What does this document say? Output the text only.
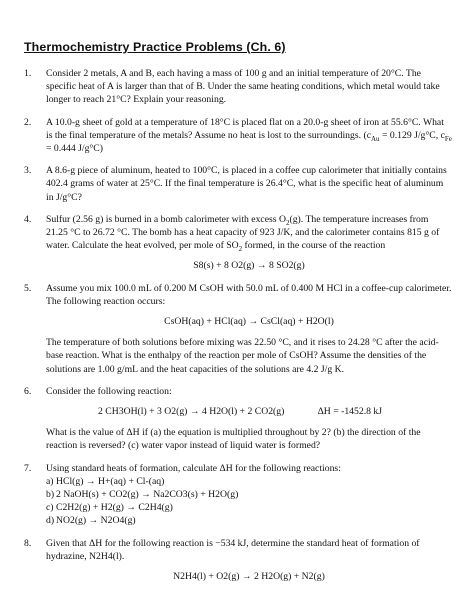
Thermochemistry Practice Problems (Ch. 6)
1. Consider 2 metals, A and B, each having a mass of 100 g and an initial temperature of 20°C. The specific heat of A is larger than that of B. Under the same heating conditions, which metal would take longer to reach 21°C? Explain your reasoning.
2. A 10.0-g sheet of gold at a temperature of 18°C is placed flat on a 20.0-g sheet of iron at 55.6°C. What is the final temperature of the metals? Assume no heat is lost to the surroundings. ($c_{Au} = 0.129$ J/g°C, $c_{Fe} = 0.444$ J/g°C)
3. A 8.6-g piece of aluminum, heated to 100°C, is placed in a coffee cup calorimeter that initially contains 402.4 grams of water at 25°C. If the final temperature is 26.4°C, what is the specific heat of aluminum in J/g°C?
4. Sulfur (2.56 g) is burned in a bomb calorimeter with excess $O_2(g)$. The temperature increases from 21.25 °C to 26.72 °C. The bomb has a heat capacity of 923 J/K, and the calorimeter contains 815 g of water. Calculate the heat evolved, per mole of $SO_2$ formed, in the course of the reaction
S8(s) + 8 O2(g) → 8 SO2(g)
5. Assume you mix 100.0 mL of 0.200 M CsOH with 50.0 mL of 0.400 M HCl in a coffee-cup calorimeter. The following reaction occurs:
CsOH(aq) + HCl(aq) → CsCl(aq) + H2O(l)
The temperature of both solutions before mixing was 22.50 °C, and it rises to 24.28 °C after the acid-base reaction. What is the enthalpy of the reaction per mole of CsOH? Assume the densities of the solutions are 1.00 g/mL and the heat capacities of the solutions are 4.2 J/g K.
6. Consider the following reaction:
2 CH3OH(l) + 3 O2(g) → 4 H2O(l) + 2 CO2(g)	ΔH = -1452.8 kJ
What is the value of ΔH if (a) the equation is multiplied throughout by 2? (b) the direction of the reaction is reversed? (c) water vapor instead of liquid water is formed?
7. Using standard heats of formation, calculate ΔH for the following reactions:
a) HCl(g) → H+(aq) + Cl-(aq)
b) 2 NaOH(s) + CO2(g) → Na2CO3(s) + H2O(g)
c) C2H2(g) + H2(g) → C2H4(g)
d) NO2(g) → N2O4(g)
8. Given that ΔH for the following reaction is −534 kJ, determine the standard heat of formation of hydrazine, N2H4(l).
N2H4(l) + O2(g) → 2 H2O(g) + N2(g)
